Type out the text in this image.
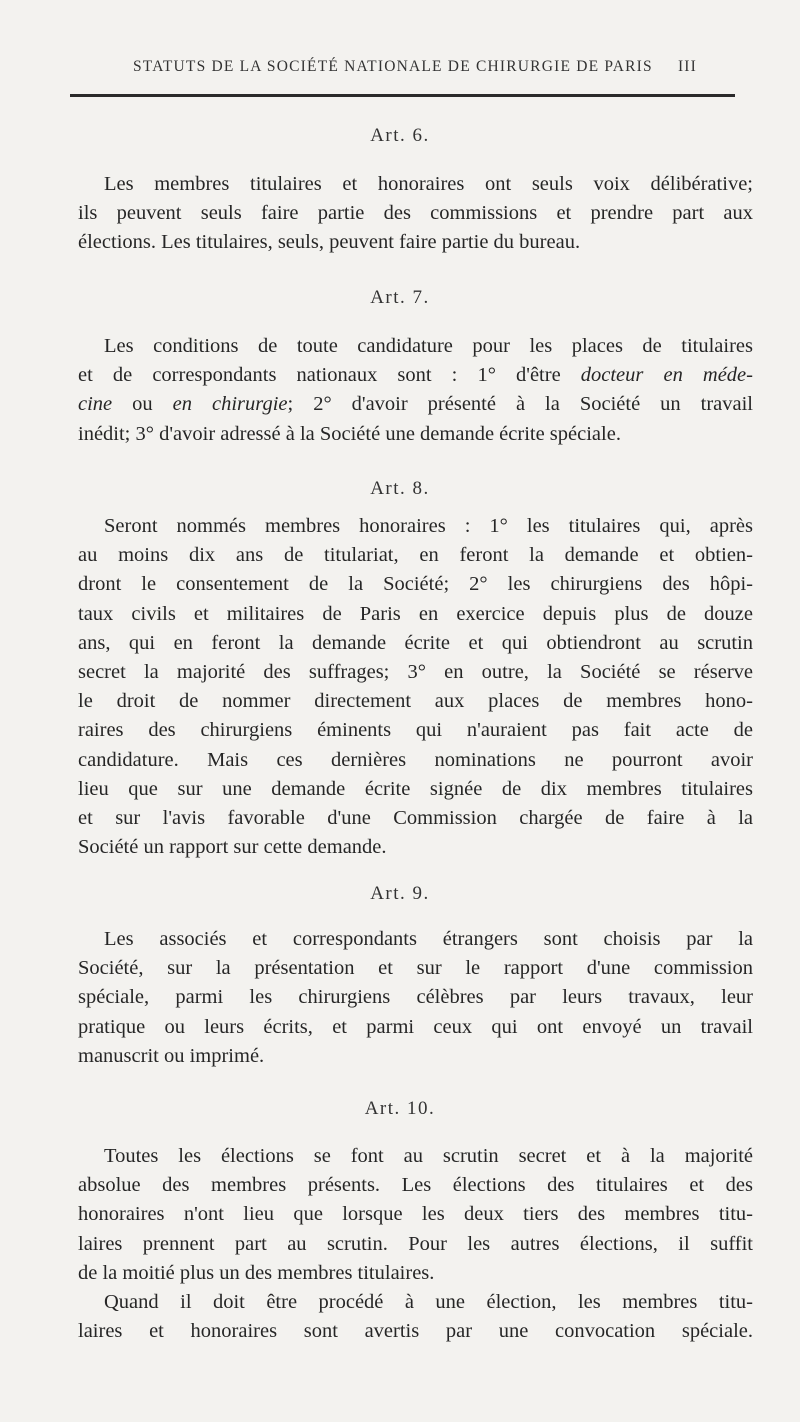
STATUTS DE LA SOCIÉTÉ NATIONALE DE CHIRURGIE DE PARIS III
Art. 6.
Les membres titulaires et honoraires ont seuls voix délibérative;
ils peuvent seuls faire partie des commissions et prendre part aux
élections. Les titulaires, seuls, peuvent faire partie du bureau.
Art. 7.
Les conditions de toute candidature pour les places de titulaires
et de correspondants nationaux sont : 1° d'être docteur en méde-
cine ou en chirurgie; 2° d'avoir présenté à la Société un travail
inédit; 3° d'avoir adressé à la Société une demande écrite spéciale.
Art. 8.
Seront nommés membres honoraires : 1° les titulaires qui, après
au moins dix ans de titulariat, en feront la demande et obtien-
dront le consentement de la Société; 2° les chirurgiens des hôpi-
taux civils et militaires de Paris en exercice depuis plus de douze
ans, qui en feront la demande écrite et qui obtiendront au scrutin
secret la majorité des suffrages; 3° en outre, la Société se réserve
le droit de nommer directement aux places de membres hono-
raires des chirurgiens éminents qui n'auraient pas fait acte de
candidature. Mais ces dernières nominations ne pourront avoir
lieu que sur une demande écrite signée de dix membres titulaires
et sur l'avis favorable d'une Commission chargée de faire à la
Société un rapport sur cette demande.
Art. 9.
Les associés et correspondants étrangers sont choisis par la
Société, sur la présentation et sur le rapport d'une commission
spéciale, parmi les chirurgiens célèbres par leurs travaux, leur
pratique ou leurs écrits, et parmi ceux qui ont envoyé un travail
manuscrit ou imprimé.
Art. 10.
Toutes les élections se font au scrutin secret et à la majorité
absolue des membres présents. Les élections des titulaires et des
honoraires n'ont lieu que lorsque les deux tiers des membres titu-
laires prennent part au scrutin. Pour les autres élections, il suffit
de la moitié plus un des membres titulaires.
Quand il doit être procédé à une élection, les membres titu-
laires et honoraires sont avertis par une convocation spéciale.
